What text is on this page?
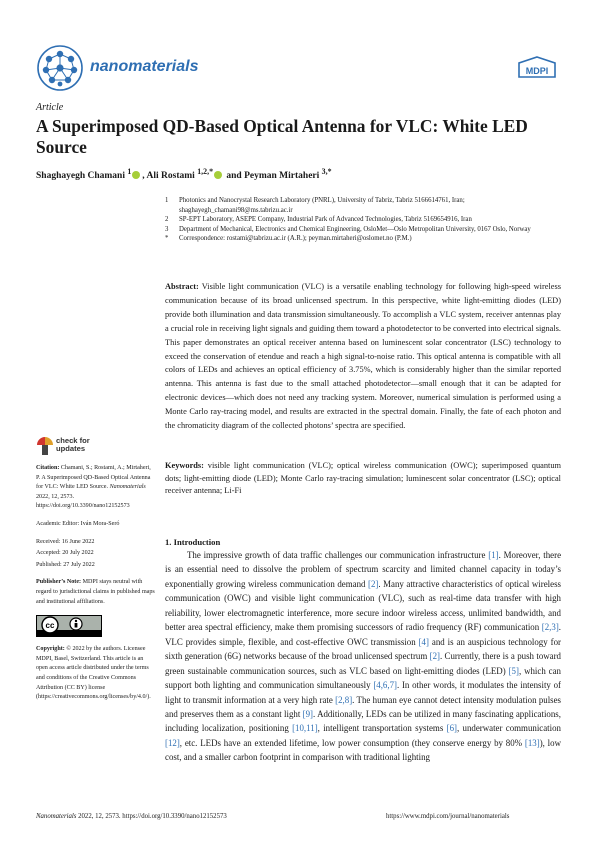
nanomaterials	MDPI
Article
A Superimposed QD-Based Optical Antenna for VLC: White LED Source
Shaghayegh Chamani $^1$ , Ali Rostami $^{1,2,*}$ and Peyman Mirtaheri $^{3,*}$
1 Photonics and Nanocrystal Research Laboratory (PNRL), University of Tabriz, Tabriz 5166614761, Iran; shaghayegh_chamani98@ms.tabrizu.ac.ir
2 SP-EPT Laboratory, ASEPE Company, Industrial Park of Advanced Technologies, Tabriz 5169654916, Iran
3 Department of Mechanical, Electronics and Chemical Engineering, OsloMet—Oslo Metropolitan University, 0167 Oslo, Norway
* Correspondence: rostami@tabrizu.ac.ir (A.R.); peyman.mirtaheri@oslomet.no (P.M.)
Abstract: Visible light communication (VLC) is a versatile enabling technology for following high-speed wireless communication because of its broad unlicensed spectrum. In this perspective, white light-emitting diodes (LED) provide both illumination and data transmission simultaneously. To accomplish a VLC system, receiver antennas play a crucial role in receiving light signals and guiding them toward a photodetector to be converted into electrical signals. This paper demonstrates an optical receiver antenna based on luminescent solar concentrator (LSC) technology to exceed the conservation of etendue and reach a high signal-to-noise ratio. This optical antenna is compatible with all colors of LEDs and achieves an optical efficiency of 3.75%, which is considerably higher than the similar reported antenna. This antenna is fast due to the small attached photodetector—small enough that it can be adapted for electronic devices—which does not need any tracking system. Moreover, numerical simulation is performed using a Monte Carlo ray-tracing model, and results are extracted in the spectral domain. Finally, the fate of each photon and the chromaticity diagram of the collected photons’ spectra are specified.
Keywords: visible light communication (VLC); optical wireless communication (OWC); superimposed quantum dots; light-emitting diode (LED); Monte Carlo ray-tracing simulation; luminescent solar concentrator (LSC); optical receiver antenna; Li-Fi
check for
updates

Citation: Chamani, S.; Rostami, A.; Mirtaheri, P. A Superimposed QD-Based Optical Antenna for VLC: White LED Source. Nanomaterials 2022, 12, 2573. https://doi.org/10.3390/nano12152573

Academic Editor: Iván Mora-Seró

Received: 16 June 2022

Accepted: 20 July 2022

Published: 27 July 2022

Publisher’s Note: MDPI stays neutral with regard to jurisdictional claims in published maps and institutional affiliations.

cc

Copyright: © 2022 by the authors. Licensee MDPI, Basel, Switzerland. This article is an open access article distributed under the terms and conditions of the Creative Commons Attribution (CC BY) license (https://creativecommons.org/licenses/by/4.0/).

1. Introduction
The impressive growth of data traffic challenges our communication infrastructure [1]. Moreover, there is an essential need to dissolve the problem of spectrum scarcity and limited channel capacity in today’s exponentially growing wireless communication demand [2]. Many attractive characteristics of optical wireless communication (OWC) and visible light communication (VLC), such as real-time data transfer with high reliability, lower electromagnetic interference, more secure indoor wireless access, unlimited bandwidth, and better area spectral efficiency, make them promising successors of radio frequency (RF) communication [2,3]. VLC provides simple, flexible, and cost-effective OWC transmission [4] and is an auspicious technology for sixth generation (6G) networks because of the broad unlicensed spectrum [2]. Currently, there is a push toward green sustainable communication sources, such as VLC based on light-emitting diodes (LED) [5], which can support both lighting and communication simultaneously [4,6,7]. In other words, it modulates the intensity of light to transmit information at a very high rate [2,8]. The human eye cannot detect intensity modulation pulses and preserves them as a constant light [9]. Additionally, LEDs can be utilized in many fascinating applications, including localization, positioning [10,11], intelligent transportation systems [6], underwater communication [12], etc. LEDs have an extended lifetime, low power consumption (they conserve energy by 80% [13]), low cost, and a smaller carbon footprint in comparison with traditional lighting
Nanomaterials 2022, 12, 2573. https://doi.org/10.3390/nano12152573	https://www.mdpi.com/journal/nanomaterials
